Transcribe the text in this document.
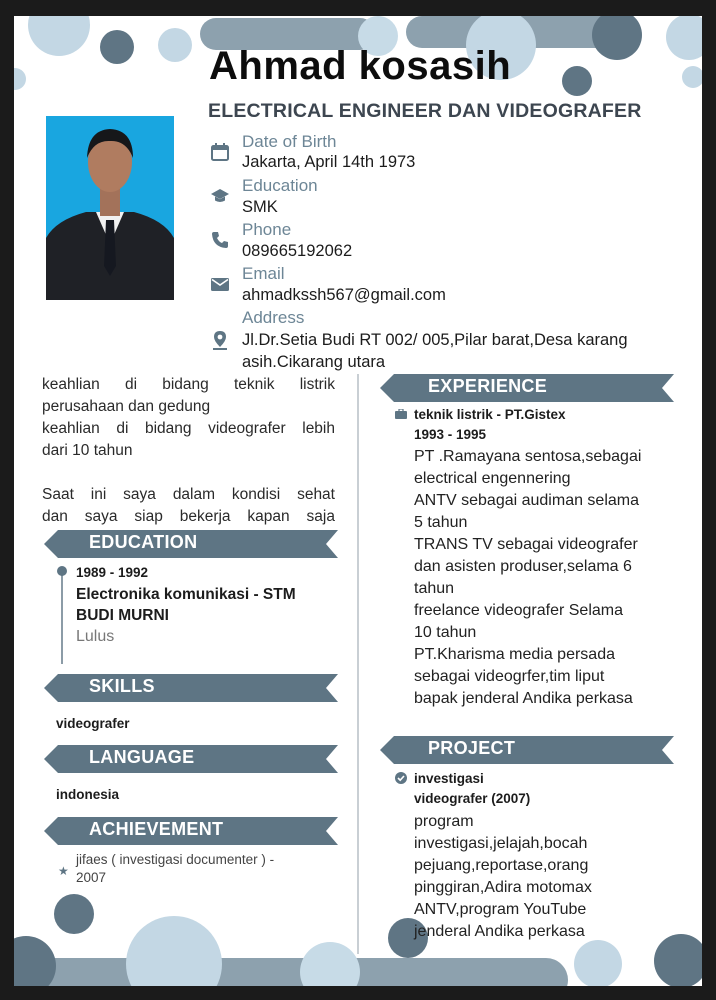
Ahmad kosasih
ELECTRICAL ENGINEER DAN VIDEOGRAFER
Date of Birth
Jakarta, April 14th 1973
Education
SMK
Phone
089665192062
Email
ahmadkssh567@gmail.com
Address
Jl.Dr.Setia Budi RT 002/ 005,Pilar barat,Desa karang
asih.Cikarang utara
keahlian di bidang teknik listrik
perusahaan dan gedung
keahlian di bidang videografer lebih
dari 10 tahun
Saat ini saya dalam kondisi sehat
dan saya siap bekerja kapan saja
EDUCATION
1989 - 1992
Electronika komunikasi - STM
BUDI MURNI
Lulus
SKILLS
videografer
LANGUAGE
indonesia
ACHIEVEMENT
★
jifaes ( investigasi documenter ) -
2007
EXPERIENCE
teknik listrik - PT.Gistex
1993 - 1995
PT .Ramayana sentosa,sebagai
electrical engennering
ANTV sebagai audiman selama
5 tahun
TRANS TV sebagai videografer
dan asisten produser,selama 6
tahun
freelance videografer Selama
10 tahun
PT.Kharisma media persada
sebagai videogrfer,tim liput
bapak jenderal Andika perkasa
PROJECT
investigasi
videografer (2007)
program
investigasi,jelajah,bocah
pejuang,reportase,orang
pinggiran,Adira motomax
ANTV,program YouTube
jenderal Andika perkasa
